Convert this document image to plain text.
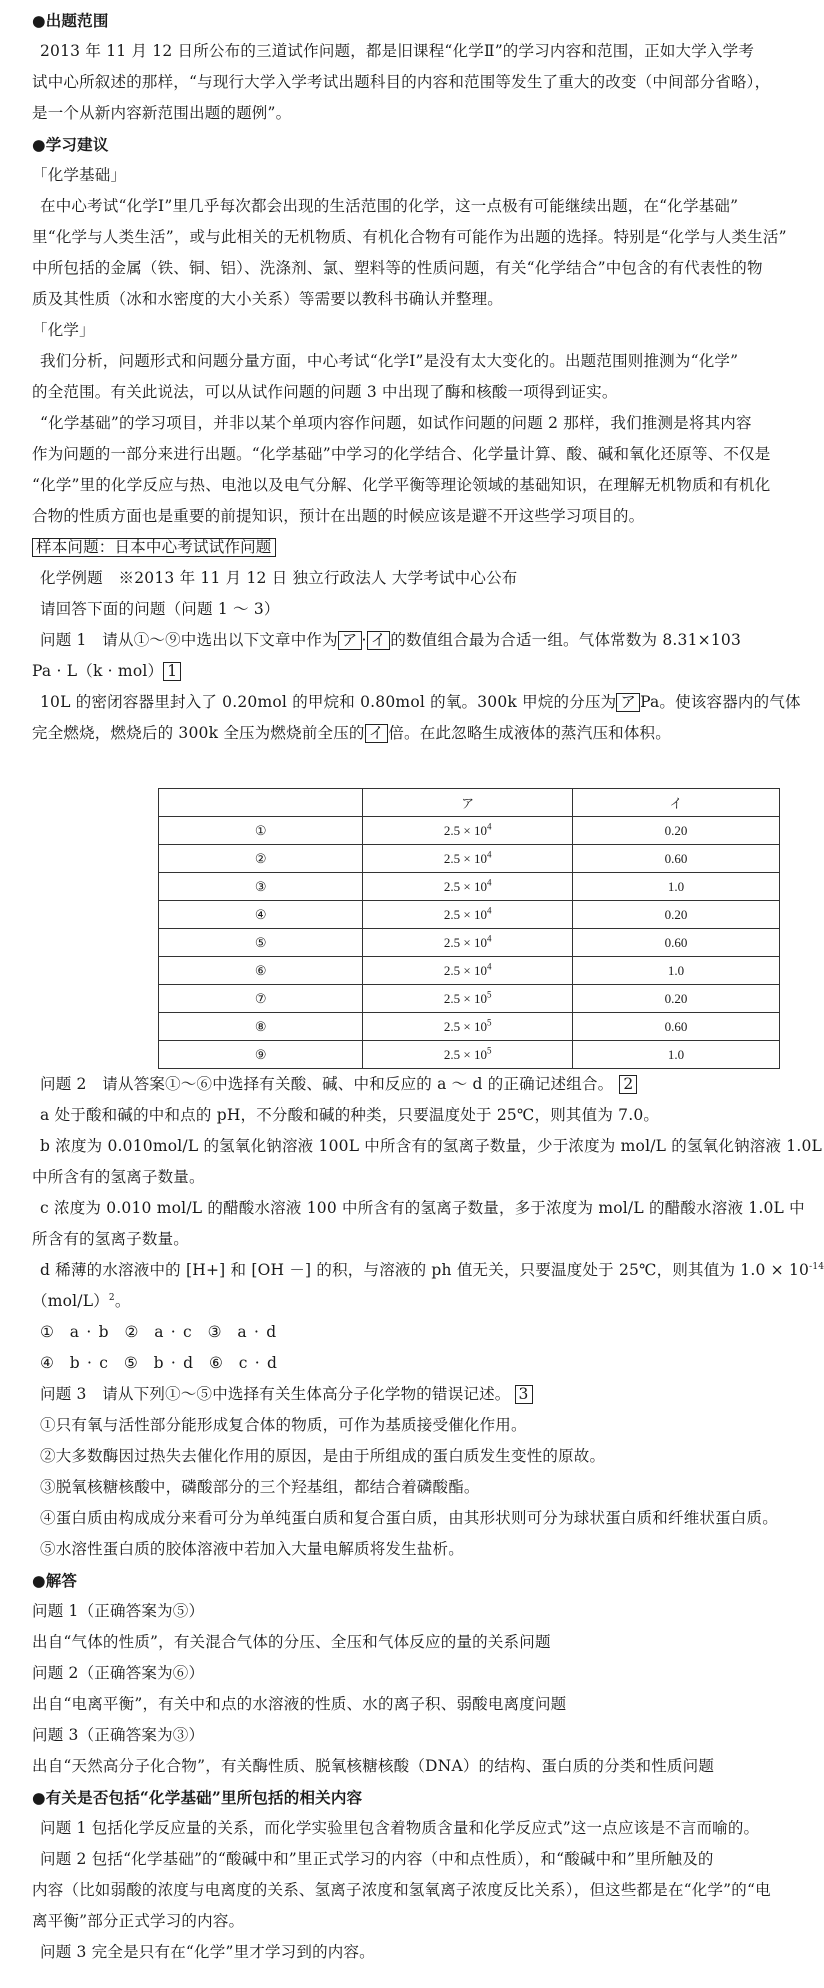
●出题范围
2013 年 11 月 12 日所公布的三道试作问题，都是旧课程“化学Ⅱ”的学习内容和范围，正如大学入学考
试中心所叙述的那样，“与现行大学入学考试出题科目的内容和范围等发生了重大的改变（中间部分省略），
是一个从新内容新范围出题的题例”。
●学习建议
「化学基础」
在中心考试“化学Ⅰ”里几乎每次都会出现的生活范围的化学，这一点极有可能继续出题，在“化学基础”
里“化学与人类生活”，或与此相关的无机物质、有机化合物有可能作为出题的选择。特别是“化学与人类生活”
中所包括的金属（铁、铜、铝）、洗涤剂、氯、塑料等的性质问题，有关“化学结合”中包含的有代表性的物
质及其性质（冰和水密度的大小关系）等需要以教科书确认并整理。
「化学」
我们分析，问题形式和问题分量方面，中心考试“化学Ⅰ”是没有太大变化的。出题范围则推测为“化学”
的全范围。有关此说法，可以从试作问题的问题 3 中出现了酶和核酸一项得到证实。
“化学基础”的学习项目，并非以某个单项内容作问题，如试作问题的问题 2 那样，我们推测是将其内容
作为问题的一部分来进行出题。“化学基础”中学习的化学结合、化学量计算、酸、碱和氧化还原等、不仅是
“化学”里的化学反应与热、电池以及电气分解、化学平衡等理论领域的基础知识，在理解无机物质和有机化
合物的性质方面也是重要的前提知识，预计在出题的时候应该是避不开这些学习项目的。
样本问题：日本中心考试试作问题
化学例题　※2013 年 11 月 12 日 独立行政法人 大学考试中心公布
请回答下面的问题（问题 1 ～ 3）
问题 1　请从①～⑨中选出以下文章中作为 ア · イ 的数值组合最为合适一组。气体常数为 8.31×103
Pa · L（k · mol） 1
10L 的密闭容器里封入了 0.20mol 的甲烷和 0.80mol 的氧。300k 甲烷的分压为 ア Pa。使该容器内的气体
完全燃烧，燃烧后的 300k 全压为燃烧前全压的 イ 倍。在此忽略生成液体的蒸汽压和体积。
	ア	イ
①	$2.5 \times 10^4$	0.20
②	$2.5 \times 10^4$	0.60
③	$2.5 \times 10^4$	1.0
④	$2.5 \times 10^4$	0.20
⑤	$2.5 \times 10^4$	0.60
⑥	$2.5 \times 10^4$	1.0
⑦	$2.5 \times 10^5$	0.20
⑧	$2.5 \times 10^5$	0.60
⑨	$2.5 \times 10^5$	1.0
问题 2　请从答案①～⑥中选择有关酸、碱、中和反应的 a ～ d 的正确记述组合。 2
a 处于酸和碱的中和点的 pH，不分酸和碱的种类，只要温度处于 25℃，则其值为 7.0。
b 浓度为 0.010mol/L 的氢氧化钠溶液 100L 中所含有的氢离子数量，少于浓度为 mol/L 的氢氧化钠溶液 1.0L
中所含有的氢离子数量。
c 浓度为 0.010 mol/L 的醋酸水溶液 100 中所含有的氢离子数量，多于浓度为 mol/L 的醋酸水溶液 1.0L 中
所含有的氢离子数量。
d 稀薄的水溶液中的 [H+] 和 [OH －] 的积，与溶液的 ph 值无关，只要温度处于 25℃，则其值为 $1.0 \times 10^{-14}$
$(mol/L)^2$。
①　a · b　②　a · c　③　a · d
④　b · c　⑤　b · d　⑥　c · d
问题 3　请从下列①～⑤中选择有关生体高分子化学物的错误记述。 3
①只有氧与活性部分能形成复合体的物质，可作为基质接受催化作用。
②大多数酶因过热失去催化作用的原因，是由于所组成的蛋白质发生变性的原故。
③脱氧核糖核酸中，磷酸部分的三个羟基组，都结合着磷酸酯。
④蛋白质由构成成分来看可分为单纯蛋白质和复合蛋白质，由其形状则可分为球状蛋白质和纤维状蛋白质。
⑤水溶性蛋白质的胶体溶液中若加入大量电解质将发生盐析。
●解答
问题 1（正确答案为⑤）
出自“气体的性质”，有关混合气体的分压、全压和气体反应的量的关系问题
问题 2（正确答案为⑥）
出自“电离平衡”，有关中和点的水溶液的性质、水的离子积、弱酸电离度问题
问题 3（正确答案为③）
出自“天然高分子化合物”，有关酶性质、脱氧核糖核酸（DNA）的结构、蛋白质的分类和性质问题
●有关是否包括“化学基础”里所包括的相关内容
问题 1 包括化学反应量的关系，而化学实验里包含着物质含量和化学反应式”这一点应该是不言而喻的。
问题 2 包括“化学基础”的“酸碱中和”里正式学习的内容（中和点性质），和“酸碱中和”里所触及的
内容（比如弱酸的浓度与电离度的关系、氢离子浓度和氢氧离子浓度反比关系），但这些都是在“化学”的“电
离平衡”部分正式学习的内容。
问题 3 完全是只有在“化学”里才学习到的内容。
